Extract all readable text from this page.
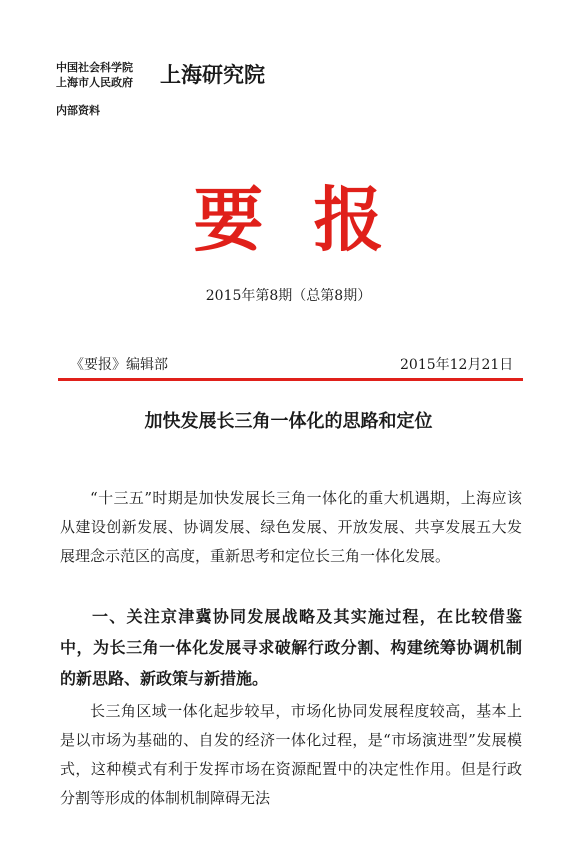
中国社会科学院
上海市人民政府 上海研究院
内部资料
要报
2015年第8期（总第8期）
《要报》编辑部	2015年12月21日
加快发展长三角一体化的思路和定位
“十三五”时期是加快发展长三角一体化的重大机遇期，上海应该从建设创新发展、协调发展、绿色发展、开放发展、共享发展五大发展理念示范区的高度，重新思考和定位长三角一体化发展。
一、关注京津冀协同发展战略及其实施过程，在比较借鉴中，为长三角一体化发展寻求破解行政分割、构建统筹协调机制的新思路、新政策与新措施。
长三角区域一体化起步较早，市场化协同发展程度较高，基本上是以市场为基础的、自发的经济一体化过程，是“市场演进型”发展模式，这种模式有利于发挥市场在资源配置中的决定性作用。但是行政分割等形成的体制机制障碍无法
